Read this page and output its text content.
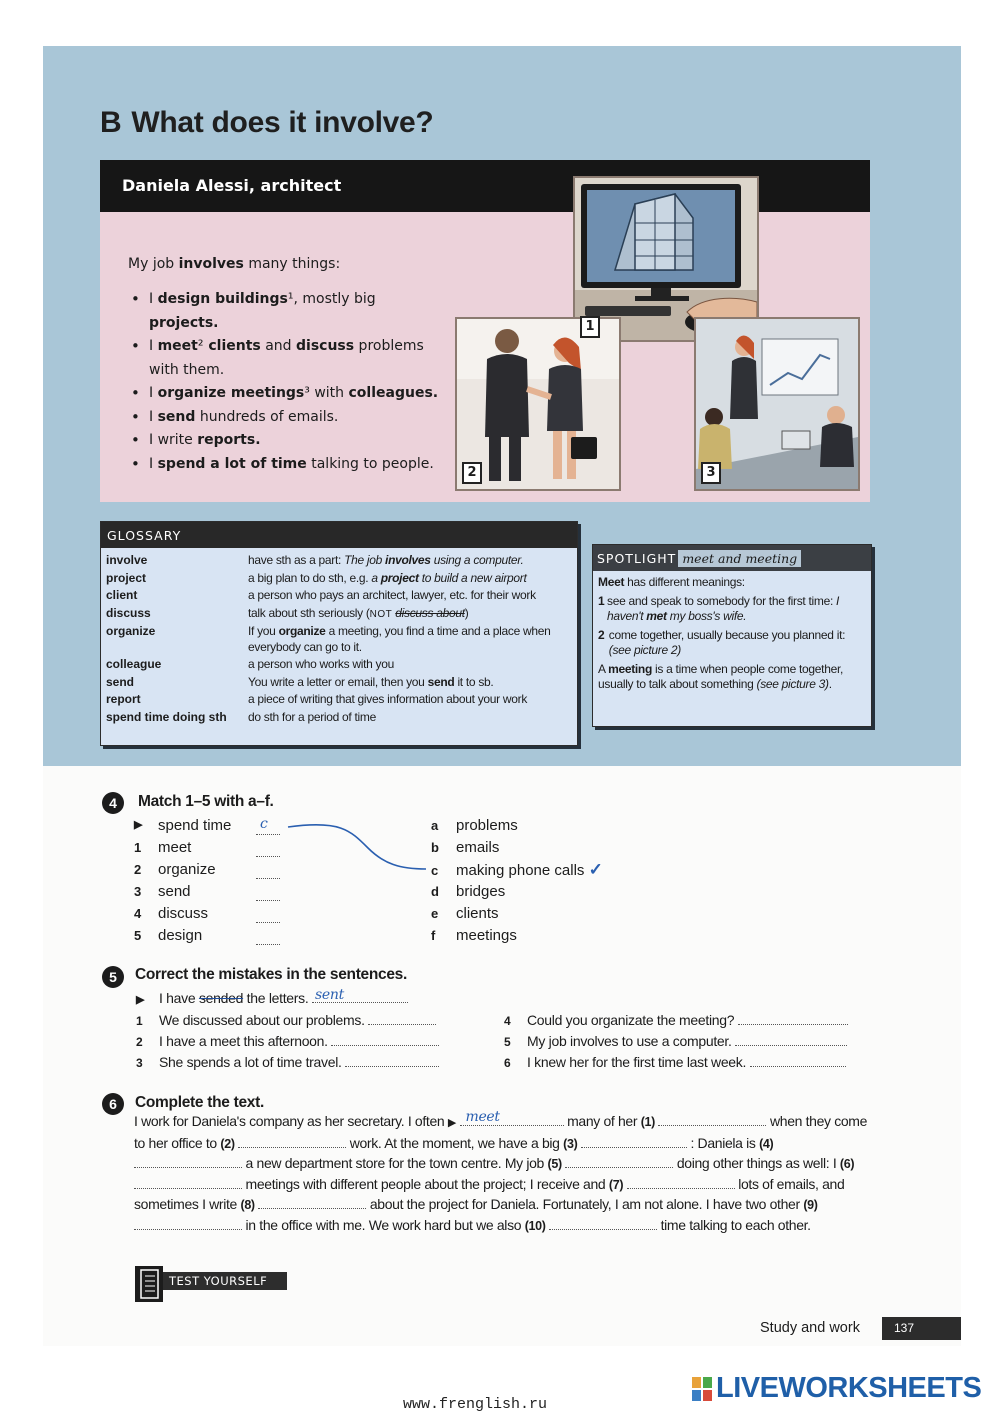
B What does it involve?
Daniela Alessi, architect
My job involves many things:
• I design buildings¹, mostly big projects.
• I meet² clients and discuss problems with them.
• I organize meetings³ with colleagues.
• I send hundreds of emails.
• I write reports.
• I spend a lot of time talking to people.
1
2	3
GLOSSARY
involve	have sth as a part: The job involves using a computer.
project	a big plan to do sth, e.g. a project to build a new airport
client	a person who pays an architect, lawyer, etc. for their work
discuss	talk about sth seriously (NOT discuss about)
organize	If you organize a meeting, you find a time and a place when everybody can go to it.
colleague	a person who works with you
send	You write a letter or email, then you send it to sb.
report	a piece of writing that gives information about your work
spend time doing sth	do sth for a period of time
SPOTLIGHT meet and meeting
Meet has different meanings:
1 see and speak to somebody for the first time: I haven't met my boss's wife.
2 come together, usually because you planned it: (see picture 2)
A meeting is a time when people come together, usually to talk about something (see picture 3).
4	Match 1–5 with a–f.
▶	spend time c
1	meet
2	organize
3	send
4	discuss
5	design
a problems
b emails
c making phone calls ✓
d bridges
e clients
f meetings
5	Correct the mistakes in the sentences.
▶ I have sended the letters. sent
1 We discussed about our problems.
2 I have a meet this afternoon.
3 She spends a lot of time travel.
4 Could you organizate the meeting?
5 My job involves to use a computer.
6 I knew her for the first time last week.
6	Complete the text.
I work for Daniela's company as her secretary. I often ▶ meet	many of her (1)	when they come to her office to (2)	work. At the moment, we have a big (3)	: Daniela is (4)  a new department store for the town centre. My job (5)	doing other things as well: I (6)  meetings with different people about the project; I receive and (7)	lots of emails, and sometimes I write (8)	about the project for Daniela. Fortunately, I am not alone. I have two other (9)  in the office with me. We work hard but we also (10)	time talking to each other.
TEST YOURSELF
Study and work	137
www.frenglish.ru
LIVEWORKSHEETS
